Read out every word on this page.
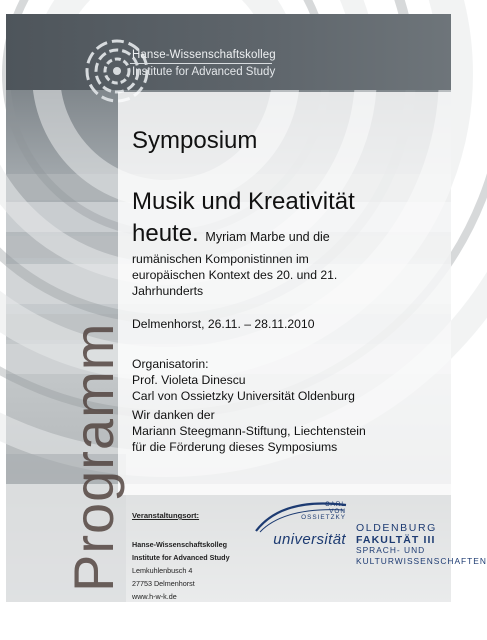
Hanse-Wissenschaftskolleg
Institute for Advanced Study
Symposium
Musik und Kreativität
heute. Myriam Marbe und die
rumänischen Komponistinnen im
europäischen Kontext des 20. und 21.
Jahrhunderts
Delmenhorst, 26.11. – 28.11.2010
Organisatorin:
Prof. Violeta Dinescu
Carl von Ossietzky Universität Oldenburg
Wir danken der
Mariann Steegmann-Stiftung, Liechtenstein
für die Förderung dieses Symposiums
Programm Veranstaltungsort:
Hanse-Wissenschaftskolleg
Institute for Advanced Study
Lemkuhlenbusch 4
27753 Delmenhorst
www.h-w-k.de
CARL
VON
OSSIETZKY
universität
OLDENBURG
FAKULTÄT III
SPRACH- UND
KULTURWISSENSCHAFTEN
